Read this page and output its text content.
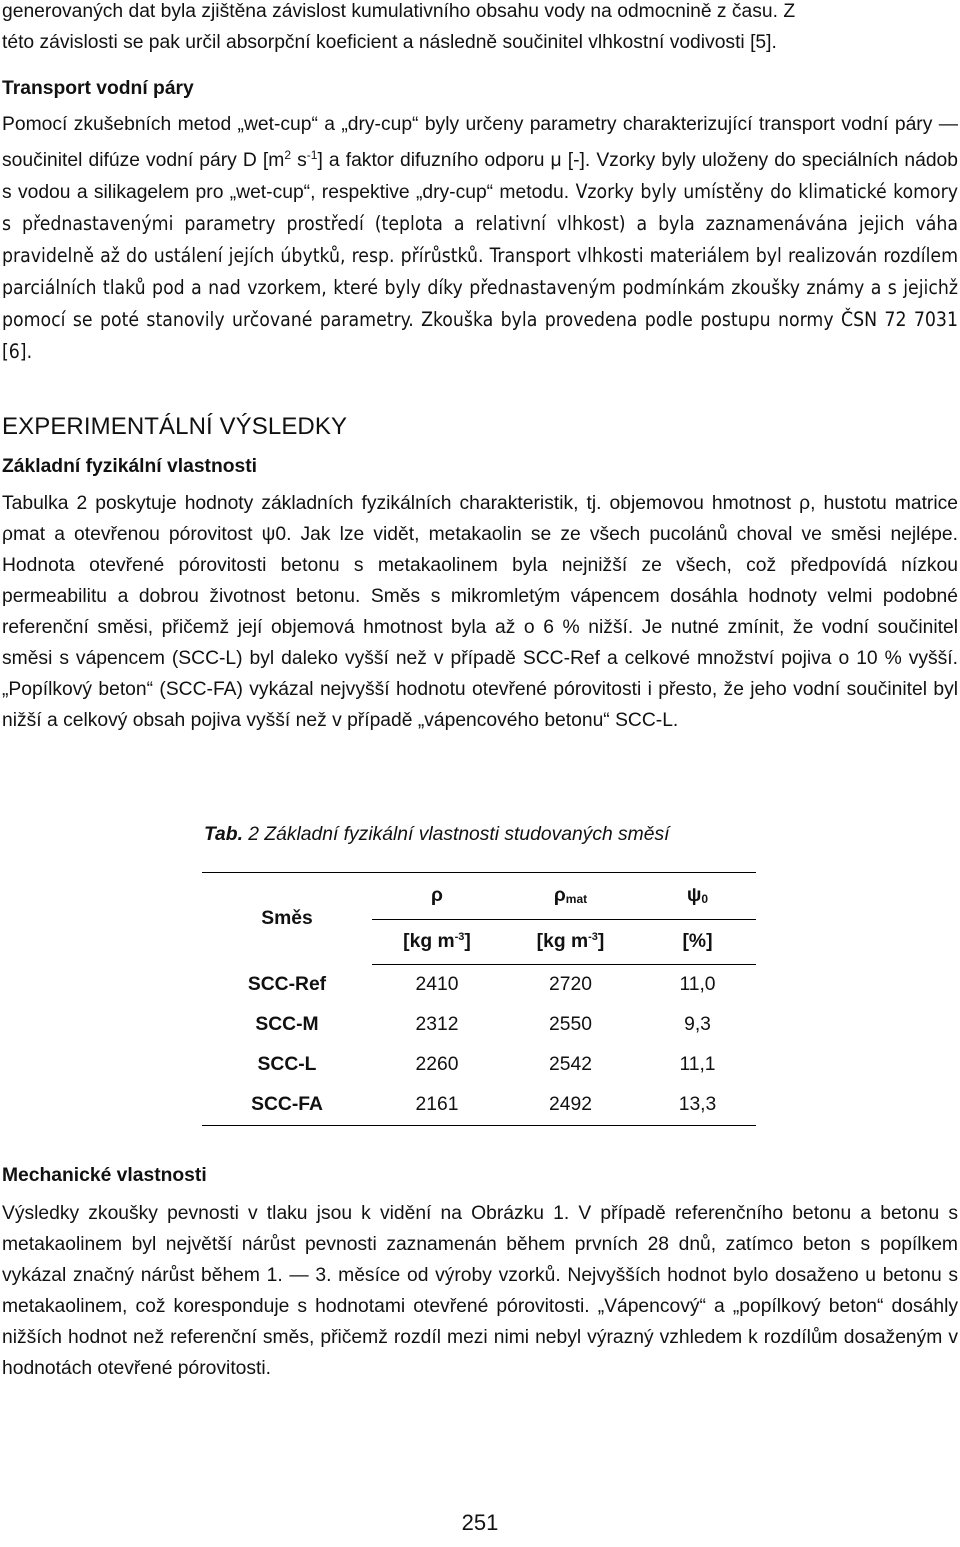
generovaných dat byla zjištěna závislost kumulativního obsahu vody na odmocnině z času. Z
této závislosti se pak určil absorpční koeficient a následně součinitel vlhkostní vodivosti [5].

Transport vodní páry

Pomocí zkušebních metod „wet-cup“ a „dry-cup“ byly určeny parametry charakterizující transport vodní páry — součinitel difúze vodní páry D [$m^2$ $s^{-1}$] a faktor difuzního odporu μ [-]. Vzorky byly uloženy do speciálních nádob s vodou a silikagelem pro „wet-cup“, respektive „dry-cup“ metodu. Vzorky byly umístěny do klimatické komory s přednastavenými parametry prostředí (teplota a relativní vlhkost) a byla zaznamenávána jejich váha pravidelně až do ustálení jejích úbytků, resp. přírůstků. Transport vlhkosti materiálem byl realizován rozdílem parciálních tlaků pod a nad vzorkem, které byly díky přednastaveným podmínkám zkoušky známy a s jejichž pomocí se poté stanovily určované parametry. Zkouška byla provedena podle postupu normy ČSN 72 7031 [6].

EXPERIMENTÁLNÍ VÝSLEDKY
Základní fyzikální vlastnosti

Tabulka 2 poskytuje hodnoty základních fyzikálních charakteristik, tj. objemovou hmotnost ρ, hustotu matrice ρmat a otevřenou pórovitost ψ0. Jak lze vidět, metakaolin se ze všech pucolánů choval ve směsi nejlépe. Hodnota otevřené pórovitosti betonu s metakaolinem byla nejnižší ze všech, což předpovídá nízkou permeabilitu a dobrou životnost betonu. Směs s mikromletým vápencem dosáhla hodnoty velmi podobné referenční směsi, přičemž její objemová hmotnost byla až o 6 % nižší. Je nutné zmínit, že vodní součinitel směsi s vápencem (SCC-L) byl daleko vyšší než v případě SCC-Ref a celkové množství pojiva o 10 % vyšší. „Popílkový beton“ (SCC-FA) vykázal nejvyšší hodnotu otevřené pórovitosti i přesto, že jeho vodní součinitel byl nižší a celkový obsah pojiva vyšší než v případě „vápencového betonu“ SCC-L.

Tab. 2 Základní fyzikální vlastnosti studovaných směsí
Směs	ρ	ρmat	ψ0
	[kg $m^{-3}$]	[kg $m^{-3}$]	[%]
SCC-Ref	2410	2720	11,0
SCC-M	2312	2550	9,3
SCC-L	2260	2542	11,1
SCC-FA	2161	2492	13,3
Mechanické vlastnosti

Výsledky zkoušky pevnosti v tlaku jsou k vidění na Obrázku 1. V případě referenčního betonu a betonu s metakaolinem byl největší nárůst pevnosti zaznamenán během prvních 28 dnů, zatímco beton s popílkem vykázal značný nárůst během 1. — 3. měsíce od výroby vzorků. Nejvyšších hodnot bylo dosaženo u betonu s metakaolinem, což koresponduje s hodnotami otevřené pórovitosti. „Vápencový“ a „popílkový beton“ dosáhly nižších hodnot než referenční směs, přičemž rozdíl mezi nimi nebyl výrazný vzhledem k rozdílům dosaženým v hodnotách otevřené pórovitosti.

251
